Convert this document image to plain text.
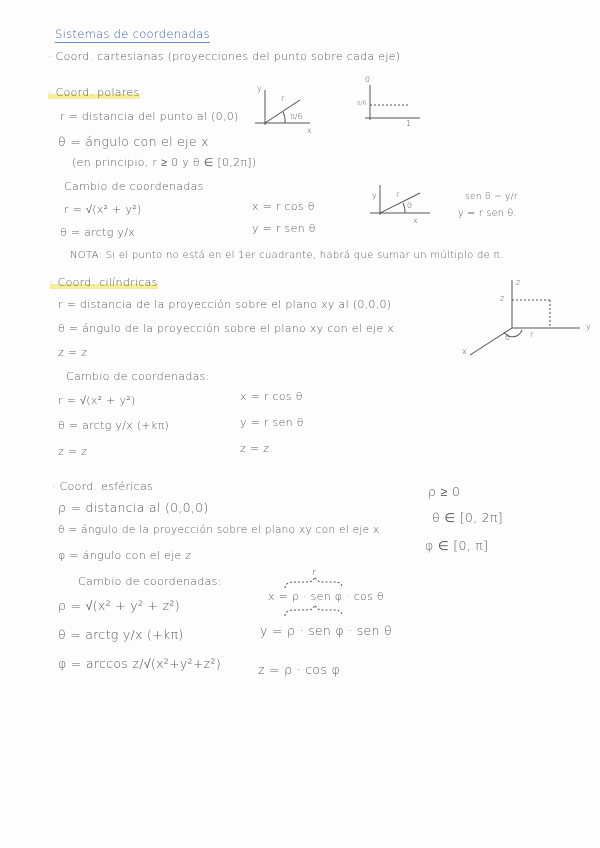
Sistemas de coordenadas
· Coord. cartesianas (proyecciones del punto sobre cada eje)
· Coord. polares
r = distancia del punto al (0,0)
θ = ángulo con el eje x
(en principio, r ≥ 0 y θ ∈ [0,2π])
Cambio de coordenadas
r = √(x² + y²)
θ = arctg y/x
x = r cos θ
y = r sen θ
sen θ = y/r
y = r sen θ.
NOTA: Si el punto no está en el 1er cuadrante, habrá que sumar un múltiplo de π.
y
r
π/6
x
θ
π/6
1
r
y
x
θ
· Coord. cilíndricas
r = distancia de la proyección sobre el plano xy al (0,0,0)
θ = ángulo de la proyección sobre el plano xy con el eje x
z = z
Cambio de coordenadas:
r = √(x² + y²)
θ = arctg y/x (+kπ)
z = z
x = r cos θ
y = r sen θ
z = z.
z
z
y
x
θ	r
· Coord. esféricas
ρ = distancia al (0,0,0)
θ = ángulo de la proyección sobre el plano xy con el eje x
φ = ángulo con el eje z
ρ ≥ 0
θ ∈ [0, 2π]
φ ∈ [0, π]
Cambio de coordenadas:
ρ = √(x² + y² + z²)
θ = arctg y/x (+kπ)
φ = arccos z/√(x²+y²+z²)
r
x = ρ · sen φ · cos θ
y = ρ · sen φ · sen θ
z = ρ · cos φ
